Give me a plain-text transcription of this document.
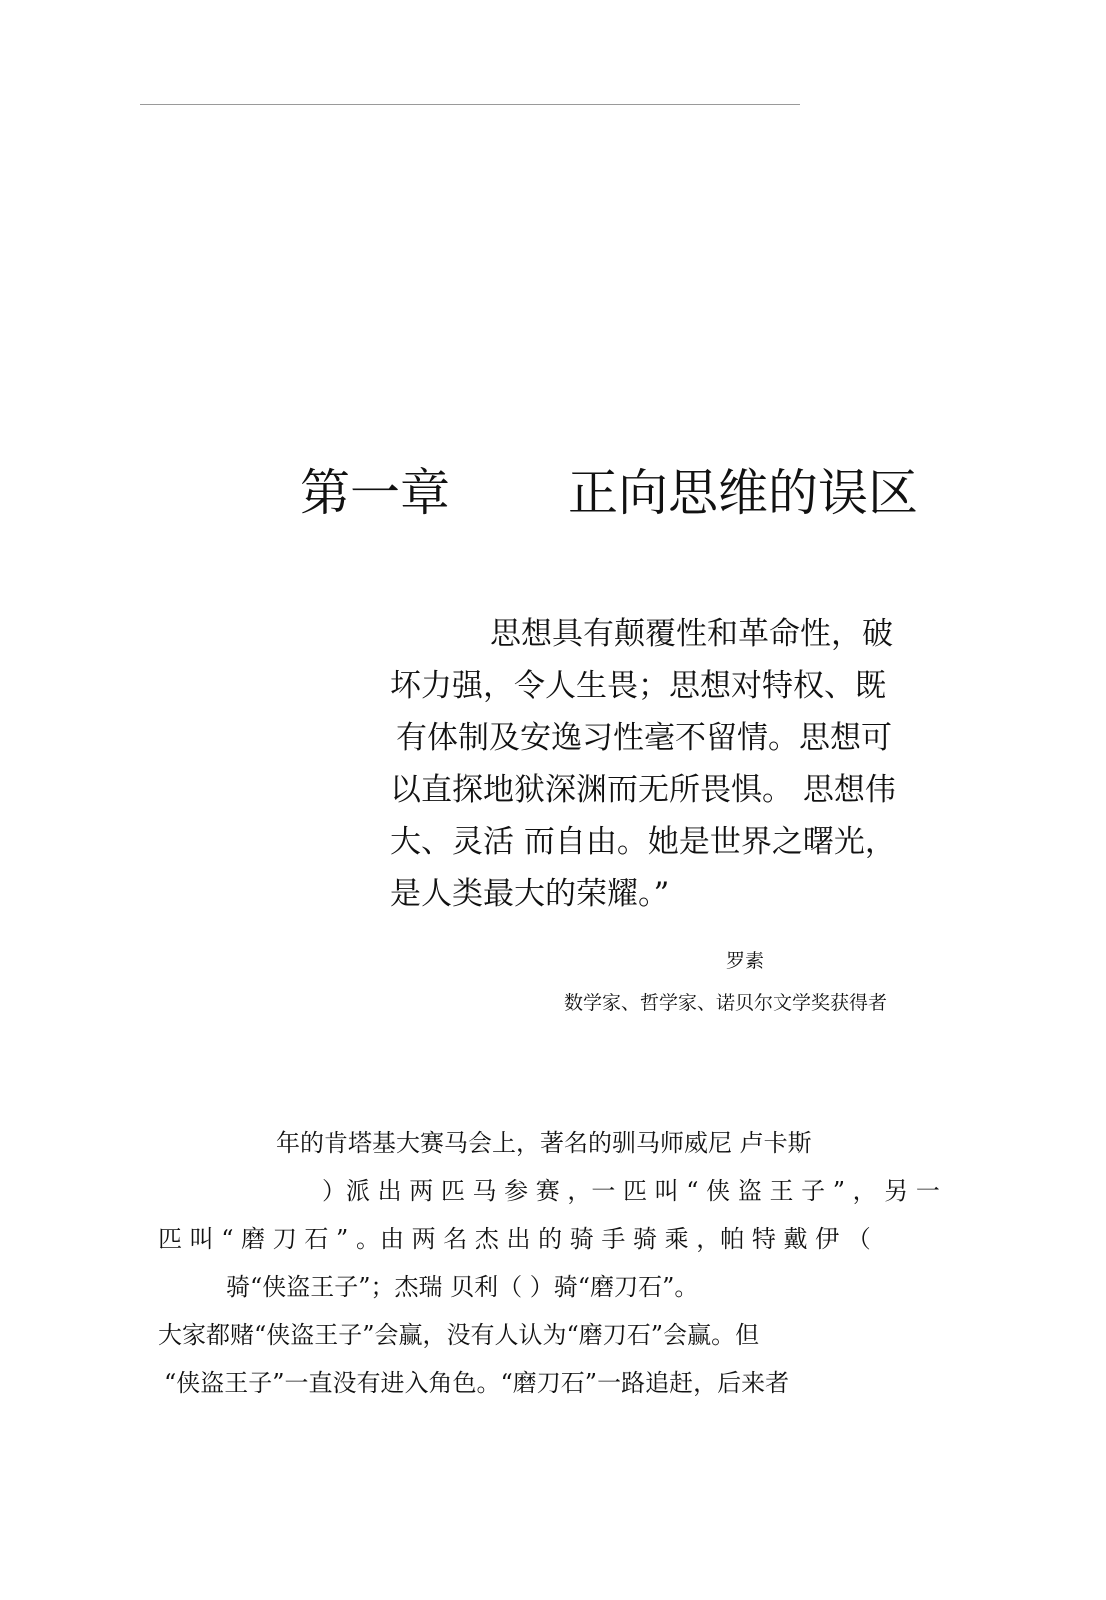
第一章 正向思维的误区
思想具有颠覆性和革命性，破
坏力强，令人生畏；思想对特权、既
有体制及安逸习性毫不留情。思想可
以直探地狱深渊而无所畏惧。 思想伟
大、灵活 而自由。她是世界之曙光，
是人类最大的荣耀。”
罗素
数学家、哲学家、诺贝尔文学奖获得者
年的肯塔基大赛马会上，著名的驯马师威尼 卢卡斯
）派 出 两 匹 马 参 赛 ，一 匹 叫 “ 侠 盗 王 子 ” ， 另 一
匹 叫 “ 磨 刀 石 ” 。由 两 名 杰 出 的 骑 手 骑 乘 ，帕 特 戴 伊 （
骑“侠盗王子”；杰瑞 贝利（ ）骑“磨刀石”。
大家都赌“侠盗王子”会赢，没有人认为“磨刀石”会赢。但
“侠盗王子”一直没有进入角色。“磨刀石”一路追赶，后来者
